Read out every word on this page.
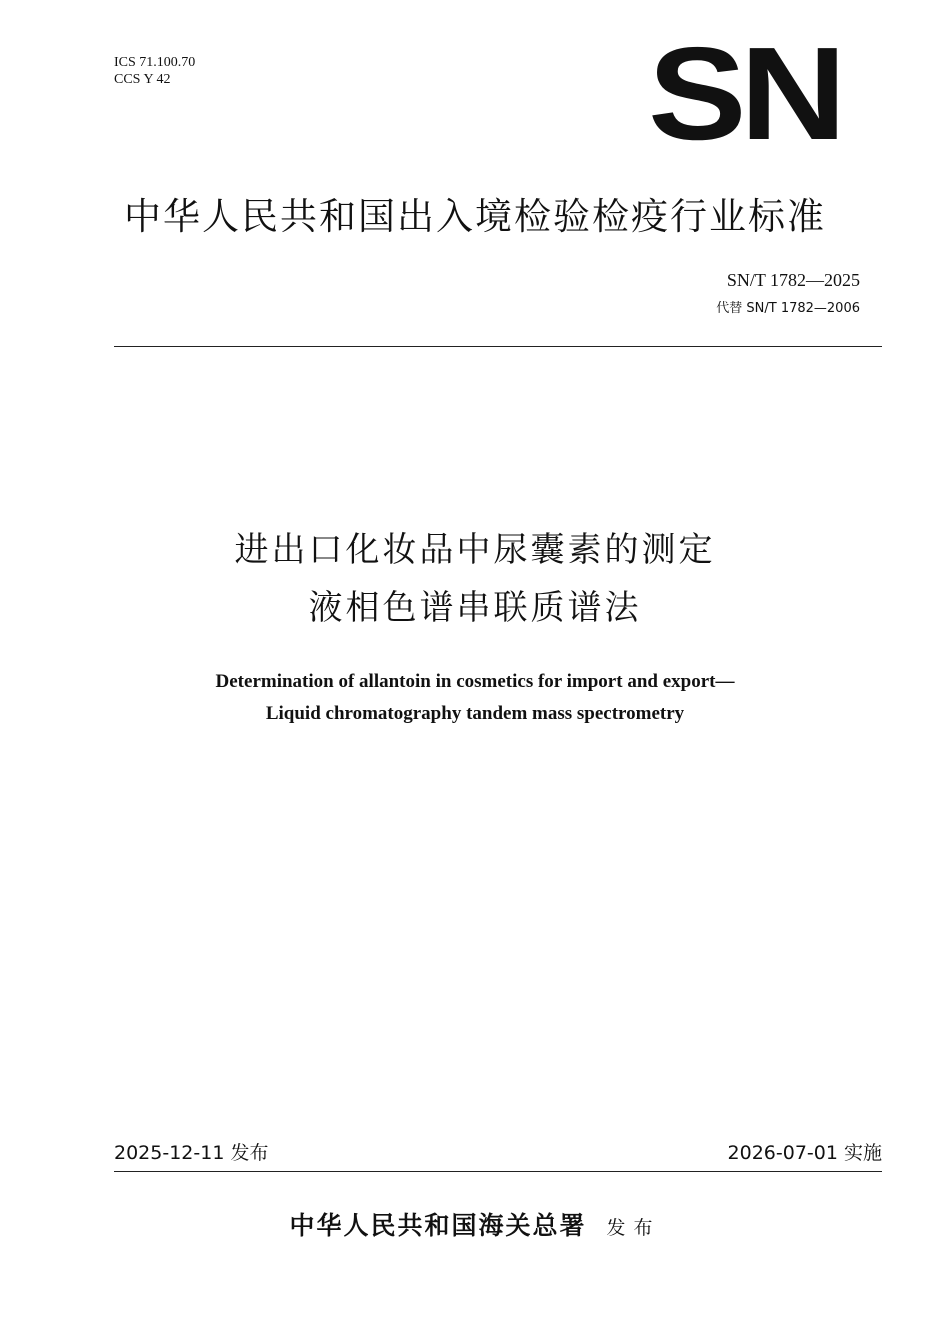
ICS 71.100.70
CCS Y 42	SN
中华人民共和国出入境检验检疫行业标准
SN/T 1782—2025
代替 SN/T 1782—2006
进出口化妆品中尿囊素的测定
液相色谱串联质谱法
Determination of allantoin in cosmetics for import and export—
Liquid chromatography tandem mass spectrometry
2025-12-11 发布	2026-07-01 实施
中华人民共和国海关总署 发布
